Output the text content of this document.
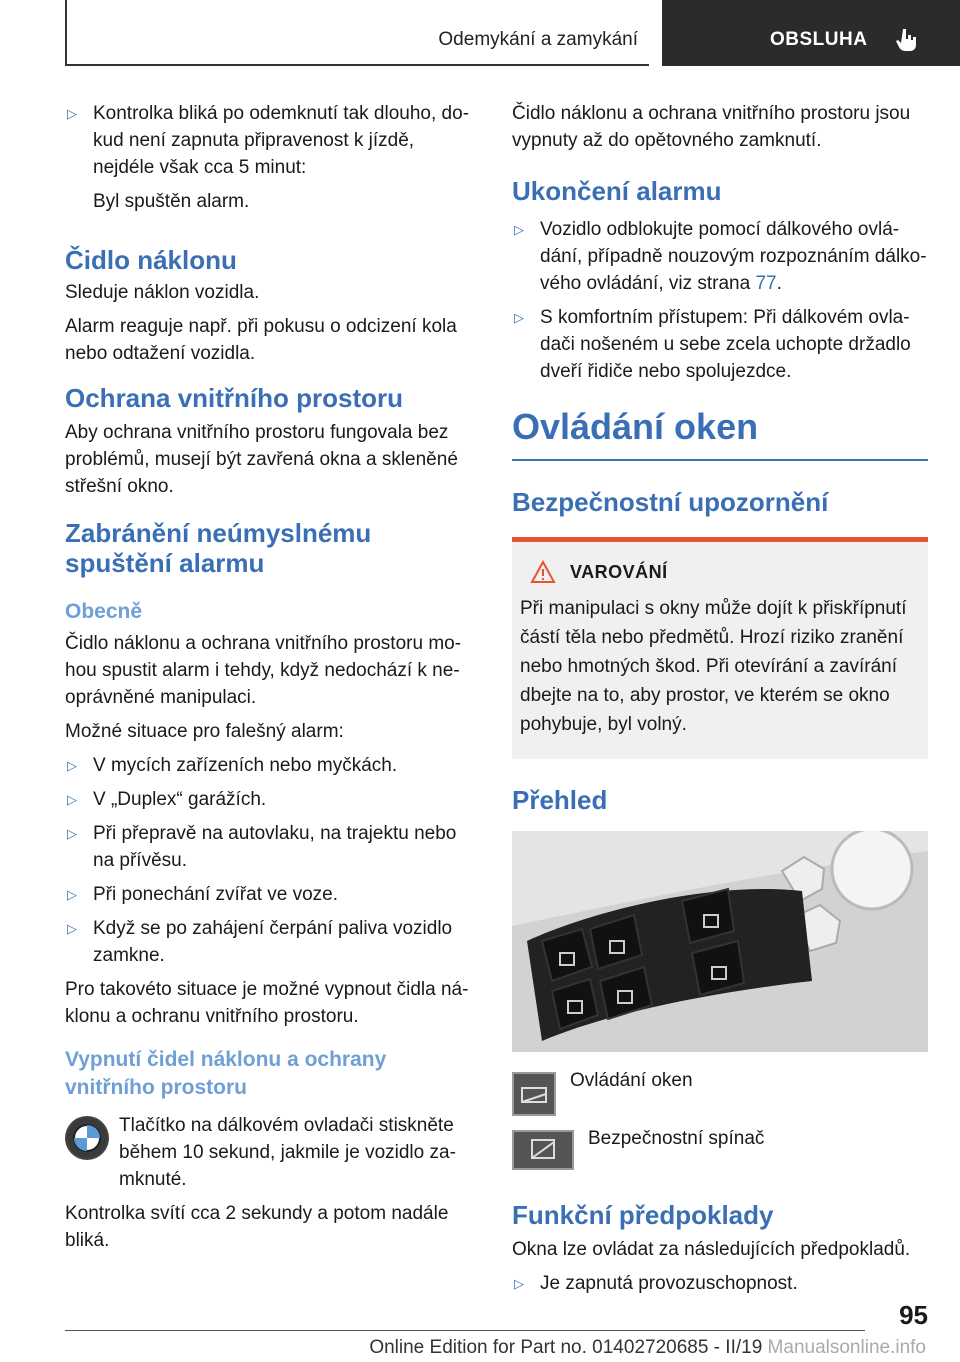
Odemykání a zamykání	OBSLUHA
▷ Kontrolka bliká po odemknutí tak dlouho, dokud není zapnuta připravenost k jízdě, nejdéle však cca 5 minut:

Byl spuštěn alarm.

Čidlo náklonu

Sleduje náklon vozidla.

Alarm reaguje např. při pokusu o odcizení kola nebo odtažení vozidla.

Ochrana vnitřního prostoru

Aby ochrana vnitřního prostoru fungovala bez problémů, musejí být zavřená okna a skleněné střešní okno.

Zabránění neúmyslnému spuštění alarmu
Obecně

Čidlo náklonu a ochrana vnitřního prostoru mohou spustit alarm i tehdy, když nedochází k neoprávněné manipulaci.

Možné situace pro falešný alarm:

▷ V mycích zařízeních nebo myčkách.
▷ V „Duplex“ garážích.
▷ Při přepravě na autovlaku, na trajektu nebo na přívěsu.
▷ Při ponechání zvířat ve voze.
▷ Když se po zahájení čerpání paliva vozidlo zamkne.

Pro takovéto situace je možné vypnout čidla náklonu a ochranu vnitřního prostoru.

Vypnutí čidel náklonu a ochrany vnitřního prostoru
Tlačítko na dálkovém ovladači stiskněte během 10 sekund, jakmile je vozidlo zamknuté.

Kontrolka svítí cca 2 sekundy a potom nadále bliká.

Čidlo náklonu a ochrana vnitřního prostoru jsou vypnuty až do opětovného zamknutí.

Ukončení alarmu
▷ Vozidlo odblokujte pomocí dálkového ovládání, případně nouzovým rozpoznáním dálkového ovládání, viz strana 77.
▷ S komfortním přístupem: Při dálkovém ovladači nošeném u sebe zcela uchopte držadlo dveří řidiče nebo spolujezdce.
Ovládání oken
Bezpečnostní upozornění
VAROVÁNÍ
Při manipulaci s okny může dojít k přiskřípnutí částí těla nebo předmětů. Hrozí riziko zranění nebo hmotných škod. Při otevírání a zavírání dbejte na to, aby prostor, ve kterém se okno pohybuje, byl volný.
Přehled
Ovládání oken
Bezpečnostní spínač
Funkční předpoklady

Okna lze ovládat za následujících předpokladů.

▷ Je zapnutá provozuschopnost.
95
Online Edition for Part no. 01402720685 - II/19 Manualsonline.info
